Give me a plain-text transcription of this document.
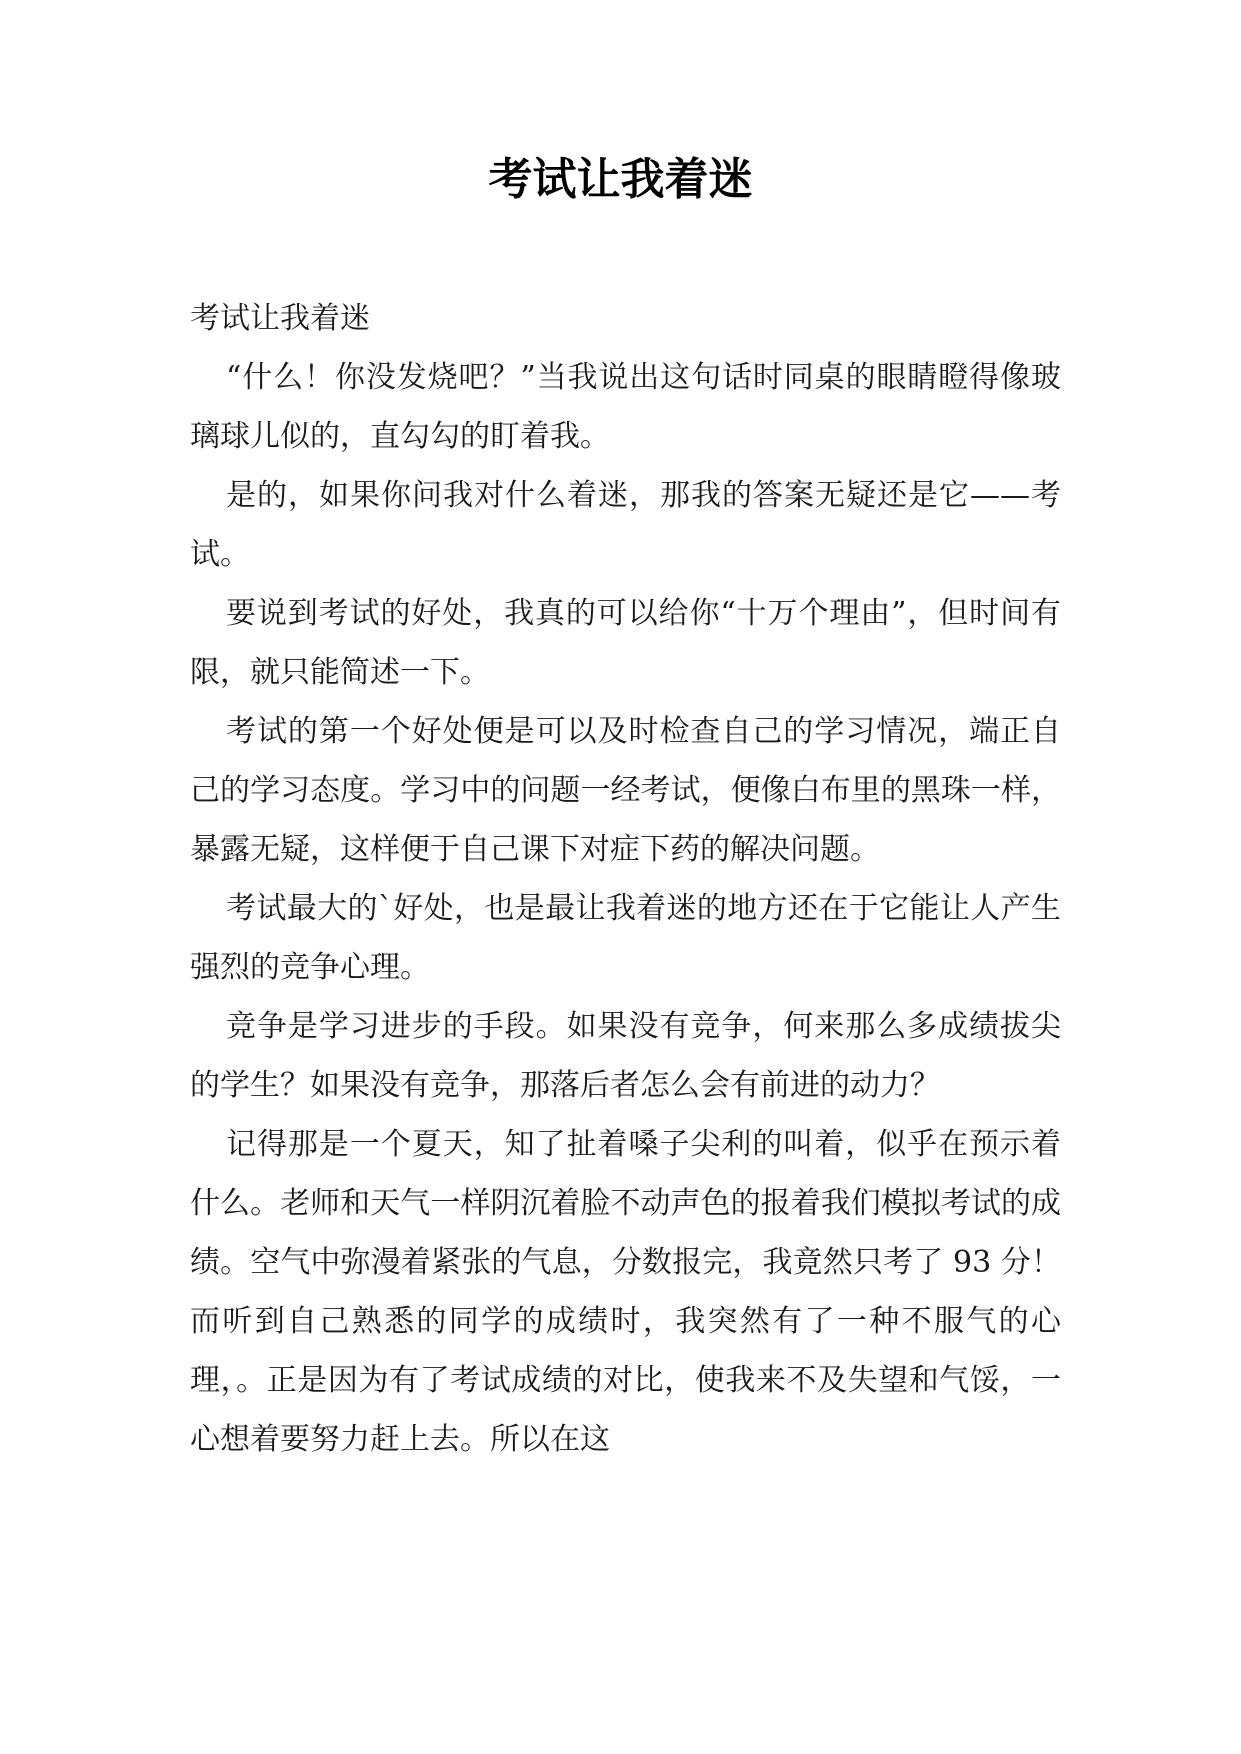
考试让我着迷

考试让我着迷

“什么！你没发烧吧？”当我说出这句话时同桌的眼睛瞪得像玻璃球儿似的，直勾勾的盯着我。

是的，如果你问我对什么着迷，那我的答案无疑还是它——考试。

要说到考试的好处，我真的可以给你“十万个理由”，但时间有限，就只能简述一下。

考试的第一个好处便是可以及时检查自己的学习情况，端正自己的学习态度。学习中的问题一经考试，便像白布里的黑珠一样，暴露无疑，这样便于自己课下对症下药的解决问题。

考试最大的`好处，也是最让我着迷的地方还在于它能让人产生强烈的竞争心理。

竞争是学习进步的手段。如果没有竞争，何来那么多成绩拔尖的学生？如果没有竞争，那落后者怎么会有前进的动力？

记得那是一个夏天，知了扯着嗓子尖利的叫着，似乎在预示着什么。老师和天气一样阴沉着脸不动声色的报着我们模拟考试的成绩。空气中弥漫着紧张的气息，分数报完，我竟然只考了 93 分！而听到自己熟悉的同学的成绩时，我突然有了一种不服气的心理，。正是因为有了考试成绩的对比，使我来不及失望和气馁，一心想着要努力赶上去。所以在这
